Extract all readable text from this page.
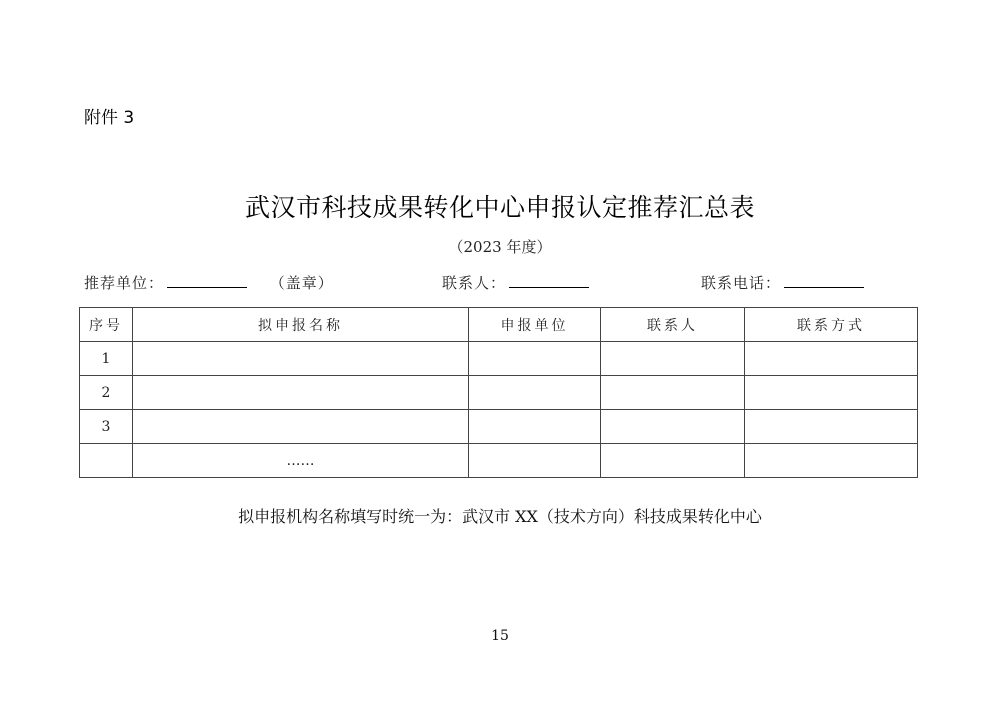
附件 3
武汉市科技成果转化中心申报认定推荐汇总表
（2023 年度）
推荐单位：	（盖章）	联系人：	联系电话：
序号	拟申报名称	申报单位	联系人	联系方式
1				
2				
3				
	……			
拟申报机构名称填写时统一为：武汉市 XX（技术方向）科技成果转化中心
15
